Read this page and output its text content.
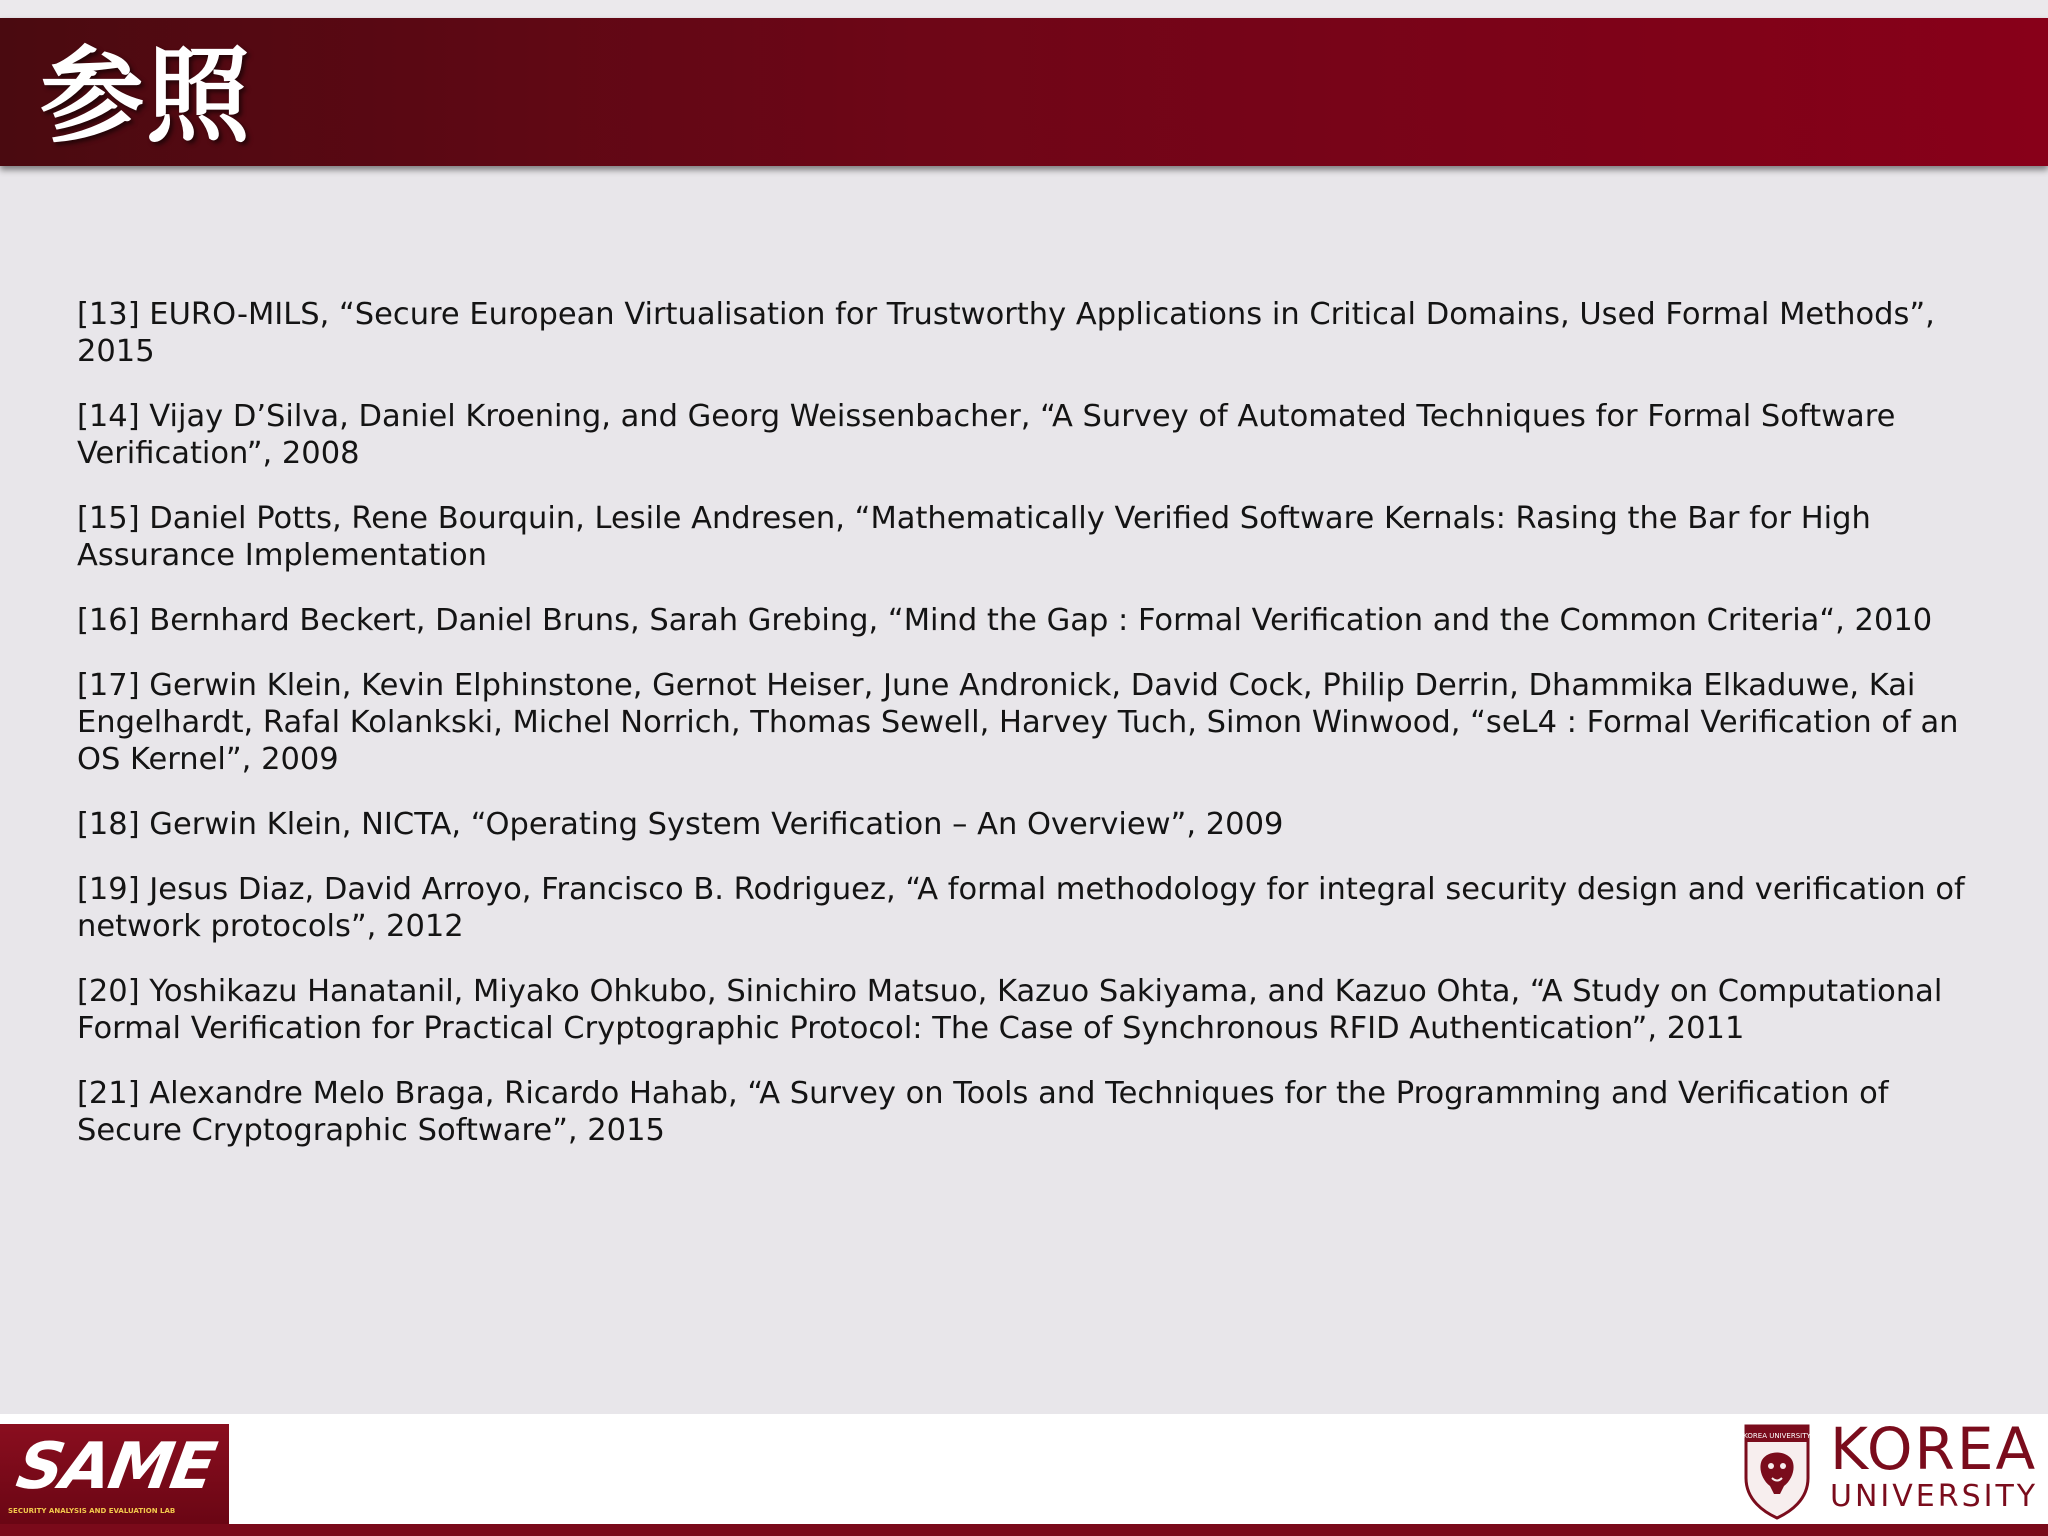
参照
[13] EURO-MILS, “Secure European Virtualisation for Trustworthy Applications in Critical Domains, Used Formal Methods”, 2015
[14] Vijay D’Silva, Daniel Kroening, and Georg Weissenbacher, “A Survey of Automated Techniques for Formal Software Verification”, 2008
[15] Daniel Potts, Rene Bourquin, Lesile Andresen, “Mathematically Verified Software Kernals: Rasing the Bar for High Assurance Implementation
[16] Bernhard Beckert, Daniel Bruns, Sarah Grebing, “Mind the Gap : Formal Verification and the Common Criteria“, 2010
[17] Gerwin Klein, Kevin Elphinstone, Gernot Heiser, June Andronick, David Cock, Philip Derrin, Dhammika Elkaduwe, Kai Engelhardt, Rafal Kolankski, Michel Norrich, Thomas Sewell, Harvey Tuch, Simon Winwood, “seL4 : Formal Verification of an OS Kernel”, 2009
[18] Gerwin Klein, NICTA, “Operating System Verification – An Overview”, 2009
[19] Jesus Diaz, David Arroyo, Francisco B. Rodriguez, “A formal methodology for integral security design and verification of network protocols”, 2012
[20] Yoshikazu Hanatanil, Miyako Ohkubo, Sinichiro Matsuo, Kazuo Sakiyama, and Kazuo Ohta, “A Study on Computational Formal Verification for Practical Cryptographic Protocol: The Case of Synchronous RFID Authentication”, 2011
[21] Alexandre Melo Braga, Ricardo Hahab, “A Survey on Tools and Techniques for the Programming and Verification of Secure Cryptographic Software”, 2015
SAME
SECURITY ANALYSIS AND EVALUATION LAB
KOREA UNIVERSITY KOREA
UNIVERSITY
